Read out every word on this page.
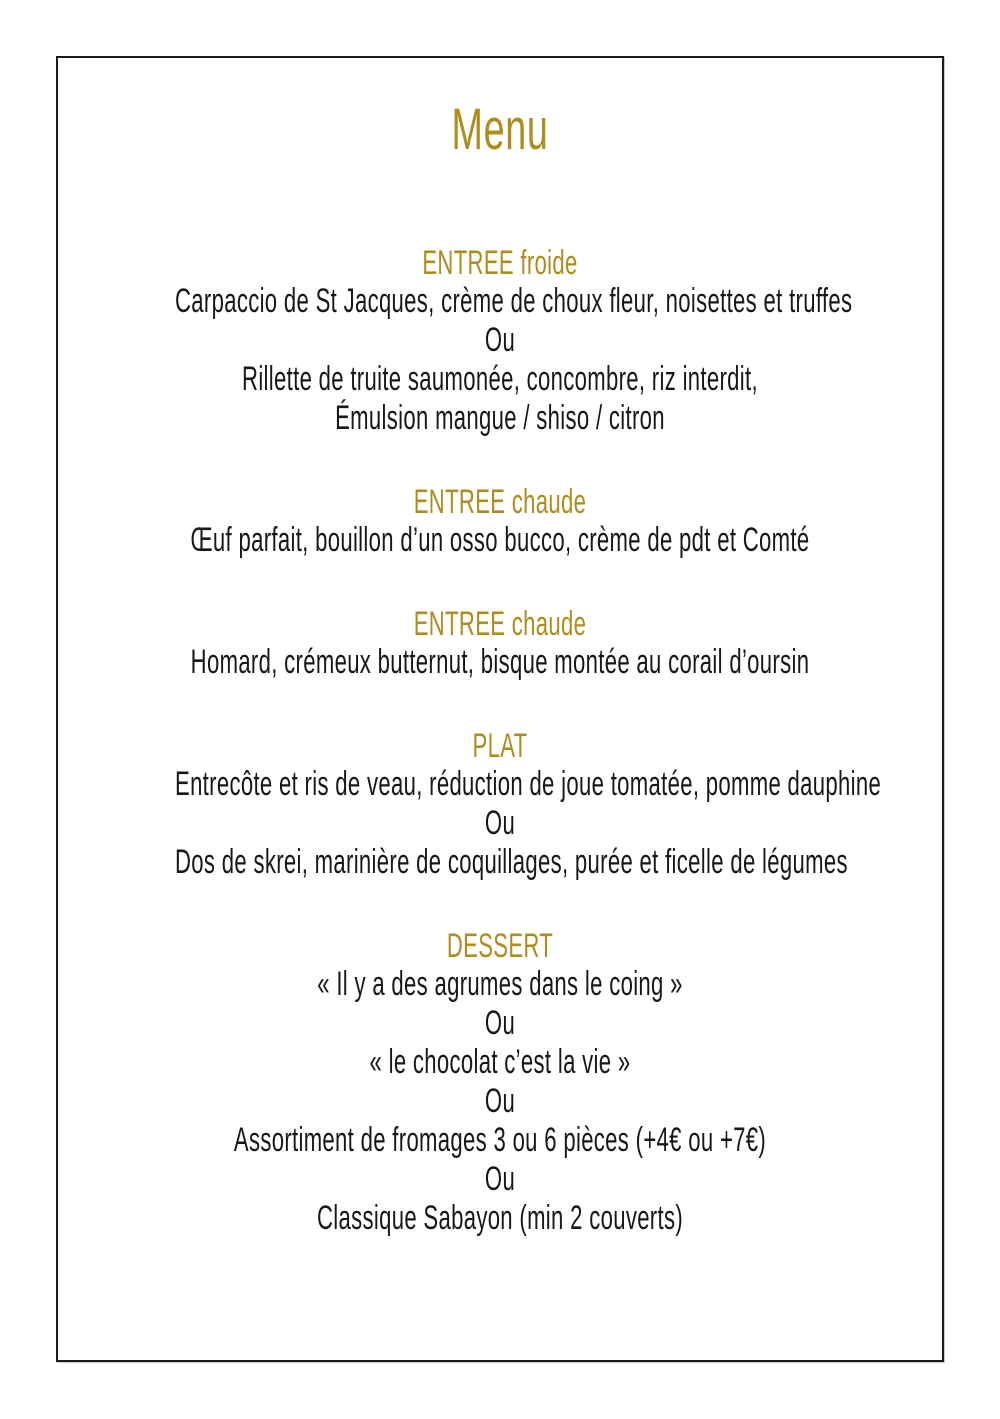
Menu
ENTREE froide
Carpaccio de St Jacques, crème de choux fleur, noisettes et truffes
Ou
Rillette de truite saumonée, concombre, riz interdit,
Émulsion mangue / shiso / citron
ENTREE chaude
Œuf parfait, bouillon d’un osso bucco, crème de pdt et Comté
ENTREE chaude
Homard, crémeux butternut, bisque montée au corail d’oursin
PLAT
Entrecôte et ris de veau, réduction de joue tomatée, pomme dauphine
Ou
Dos de skrei, marinière de coquillages, purée et ficelle de légumes
DESSERT
« Il y a des agrumes dans le coing »
Ou
« le chocolat c’est la vie »
Ou
Assortiment de fromages 3 ou 6 pièces (+4€ ou +7€)
Ou
Classique Sabayon (min 2 couverts)
